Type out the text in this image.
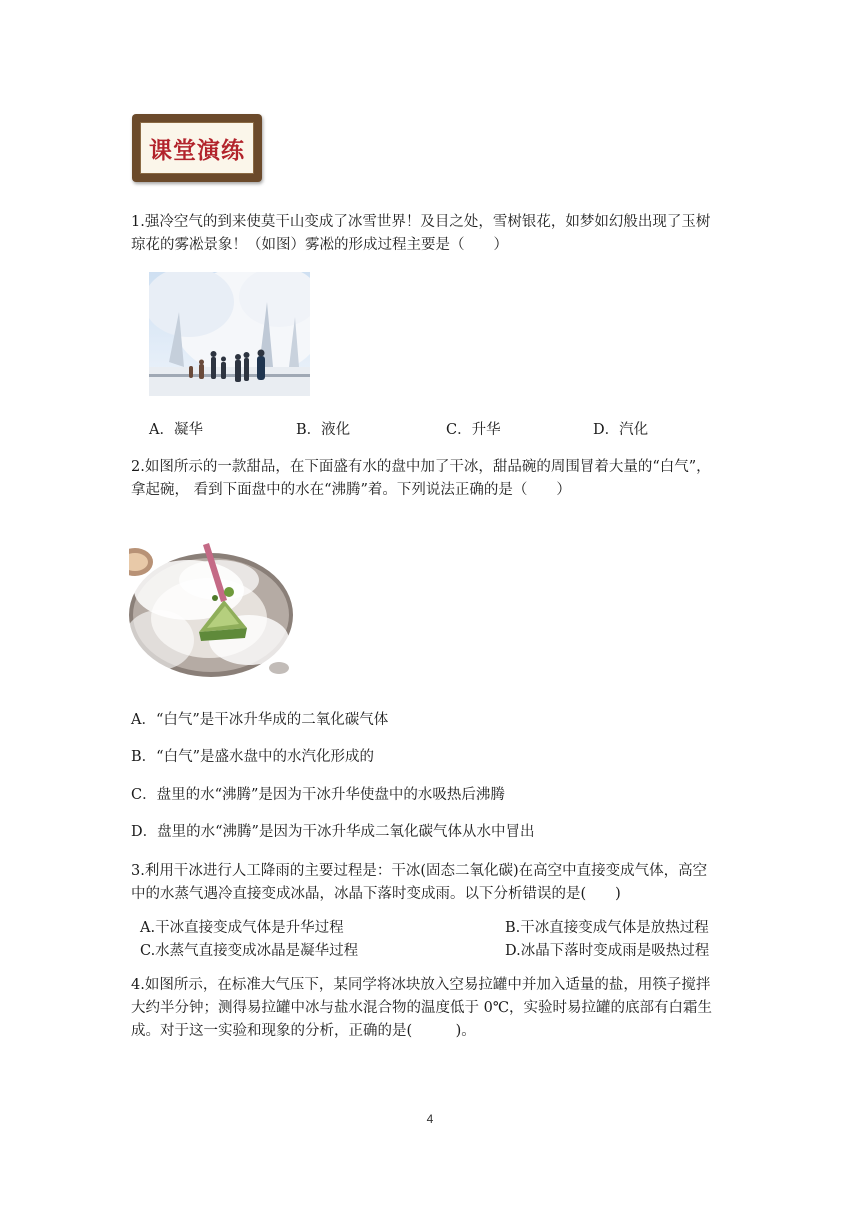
课堂演练
1.强冷空气的到来使莫干山变成了冰雪世界！及目之处，雪树银花，如梦如幻般出现了玉树
琼花的雾凇景象！（如图）雾凇的形成过程主要是（　　）
A．凝华	B．液化	C．升华	D．汽化
2.如图所示的一款甜品，在下面盛有水的盘中加了干冰，甜品碗的周围冒着大量的“白气”，
拿起碗， 看到下面盘中的水在“沸腾”着。下列说法正确的是（　　）
A．“白气”是干冰升华成的二氧化碳气体
B．“白气”是盛水盘中的水汽化形成的
C．盘里的水“沸腾”是因为干冰升华使盘中的水吸热后沸腾
D．盘里的水“沸腾”是因为干冰升华成二氧化碳气体从水中冒出
3.利用干冰进行人工降雨的主要过程是：干冰(固态二氧化碳)在高空中直接变成气体，高空
中的水蒸气遇冷直接变成冰晶，冰晶下落时变成雨。以下分析错误的是(　　)
A.干冰直接变成气体是升华过程	B.干冰直接变成气体是放热过程
C.水蒸气直接变成冰晶是凝华过程	D.冰晶下落时变成雨是吸热过程
4.如图所示，在标准大气压下，某同学将冰块放入空易拉罐中并加入适量的盐，用筷子搅拌
大约半分钟；测得易拉罐中冰与盐水混合物的温度低于 0℃，实验时易拉罐的底部有白霜生
成。对于这一实验和现象的分析，正确的是(　　　)。
4
